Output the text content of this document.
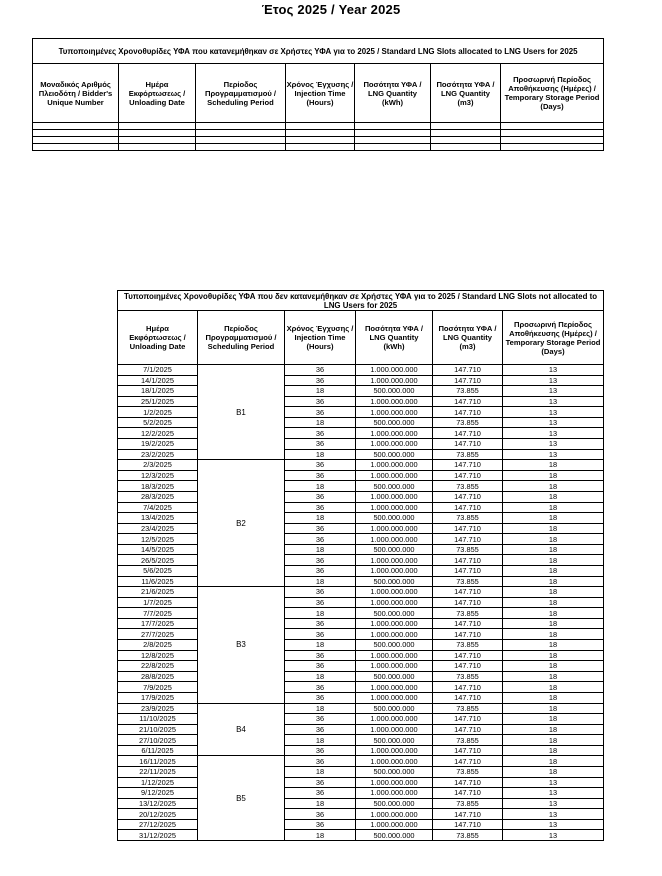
Έτος 2025 / Year 2025
Τυποποιημένες Χρονοθυρίδες ΥΦΑ που κατανεμήθηκαν σε Χρήστες ΥΦΑ για το 2025 / Standard LNG Slots allocated to LNG Users for 2025						

Μοναδικός Αριθμός
Πλειοδότη / Bidder's
Unique Number	Ημέρα
Εκφόρτωσεως /
Unloading Date	Περίοδος
Προγραμματισμού /
Scheduling Period	Χρόνος Έγχυσης /
Injection Time
(Hours)	Ποσότητα ΥΦΑ /
LNG Quantity
(kWh)	Ποσότητα ΥΦΑ /
LNG Quantity
(m3)	Προσωρινή Περίοδος
Αποθήκευσης (Ημέρες) /
Temporary Storage Period
(Days)

Τυποποιημένες Χρονοθυρίδες ΥΦΑ που δεν κατανεμήθηκαν σε Χρήστες ΥΦΑ για το 2025 / Standard LNG Slots not allocated to LNG Users for 2025					

Ημέρα
Εκφόρτωσεως /
Unloading Date	Περίοδος
Προγραμματισμού /
Scheduling Period	Χρόνος Έγχυσης /
Injection Time
(Hours)	Ποσότητα ΥΦΑ /
LNG Quantity
(kWh)	Ποσότητα ΥΦΑ /
LNG Quantity
(m3)	Προσωρινή Περίοδος
Αποθήκευσης (Ημέρες) /
Temporary Storage Period
(Days)

7/1/2025	B1	36	1.000.000.000	147.710	13
14/1/2025		36	1.000.000.000	147.710	13
18/1/2025		18	500.000.000	73.855	13
25/1/2025		36	1.000.000.000	147.710	13
1/2/2025		36	1.000.000.000	147.710	13
5/2/2025		18	500.000.000	73.855	13
12/2/2025		36	1.000.000.000	147.710	13
19/2/2025		36	1.000.000.000	147.710	13
23/2/2025		18	500.000.000	73.855	13
2/3/2025	B2	36	1.000.000.000	147.710	18
12/3/2025		36	1.000.000.000	147.710	18
18/3/2025		18	500.000.000	73.855	18
28/3/2025		36	1.000.000.000	147.710	18
7/4/2025		36	1.000.000.000	147.710	18
13/4/2025		18	500.000.000	73.855	18
23/4/2025		36	1.000.000.000	147.710	18
12/5/2025		36	1.000.000.000	147.710	18
14/5/2025		18	500.000.000	73.855	18
26/5/2025		36	1.000.000.000	147.710	18
5/6/2025		36	1.000.000.000	147.710	18
11/6/2025		18	500.000.000	73.855	18
21/6/2025	B3	36	1.000.000.000	147.710	18
1/7/2025		36	1.000.000.000	147.710	18
7/7/2025		18	500.000.000	73.855	18
17/7/2025		36	1.000.000.000	147.710	18
27/7/2025		36	1.000.000.000	147.710	18
2/8/2025		18	500.000.000	73.855	18
12/8/2025		36	1.000.000.000	147.710	18
22/8/2025		36	1.000.000.000	147.710	18
28/8/2025		18	500.000.000	73.855	18
7/9/2025		36	1.000.000.000	147.710	18
17/9/2025		36	1.000.000.000	147.710	18
23/9/2025	B4	18	500.000.000	73.855	18
11/10/2025		36	1.000.000.000	147.710	18
21/10/2025		36	1.000.000.000	147.710	18
27/10/2025		18	500.000.000	73.855	18
6/11/2025		36	1.000.000.000	147.710	18
16/11/2025	B5	36	1.000.000.000	147.710	18
22/11/2025		18	500.000.000	73.855	18
1/12/2025		36	1.000.000.000	147.710	13
9/12/2025		36	1.000.000.000	147.710	13
13/12/2025		18	500.000.000	73.855	13
20/12/2025		36	1.000.000.000	147.710	13
27/12/2025		36	1.000.000.000	147.710	13
31/12/2025		18	500.000.000	73.855	13
